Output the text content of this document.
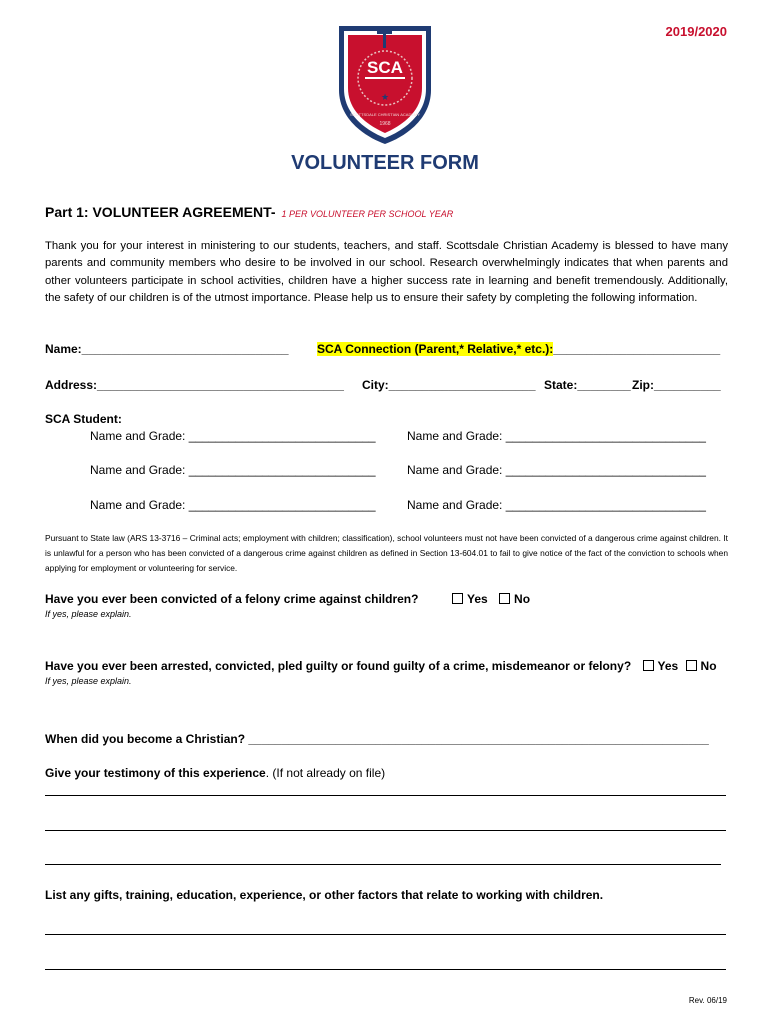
2019/2020
SCA
★
SCOTTSDALE CHRISTIAN ACADEMY
1968
VOLUNTEER FORM
Part 1: VOLUNTEER AGREEMENT- 1 PER VOLUNTEER PER SCHOOL YEAR
Thank you for your interest in ministering to our students, teachers, and staff. Scottsdale Christian Academy is blessed to have many parents and community members who desire to be involved in our school. Research overwhelmingly indicates that when parents and other volunteers participate in school activities, children have a higher success rate in learning and benefit tremendously. Additionally, the safety of our children is of the utmost importance. Please help us to ensure their safety by completing the following information.
Name:_______________________________ SCA Connection (Parent,* Relative,* etc.):_________________________
Address:_____________________________________ City:______________________ State:________ Zip:__________
SCA Student:
Name and Grade: ____________________________	Name and Grade: ______________________________
Name and Grade: ____________________________	Name and Grade: ______________________________
Name and Grade: ____________________________	Name and Grade: ______________________________
Pursuant to State law (ARS 13-3716 – Criminal acts; employment with children; classification), school volunteers must not have been convicted of a dangerous crime against children. It is unlawful for a person who has been convicted of a dangerous crime against children as defined in Section 13-604.01 to fail to give notice of the fact of the conviction to schools when applying for employment or volunteering for service.
Have you ever been convicted of a felony crime against children?	Yes No
If yes, please explain.
Have you ever been arrested, convicted, pled guilty or found guilty of a crime, misdemeanor or felony? Yes No
If yes, please explain.
When did you become a Christian? _____________________________________________________________________
Give your testimony of this experience. (If not already on file)
List any gifts, training, education, experience, or other factors that relate to working with children.
Rev. 06/19
